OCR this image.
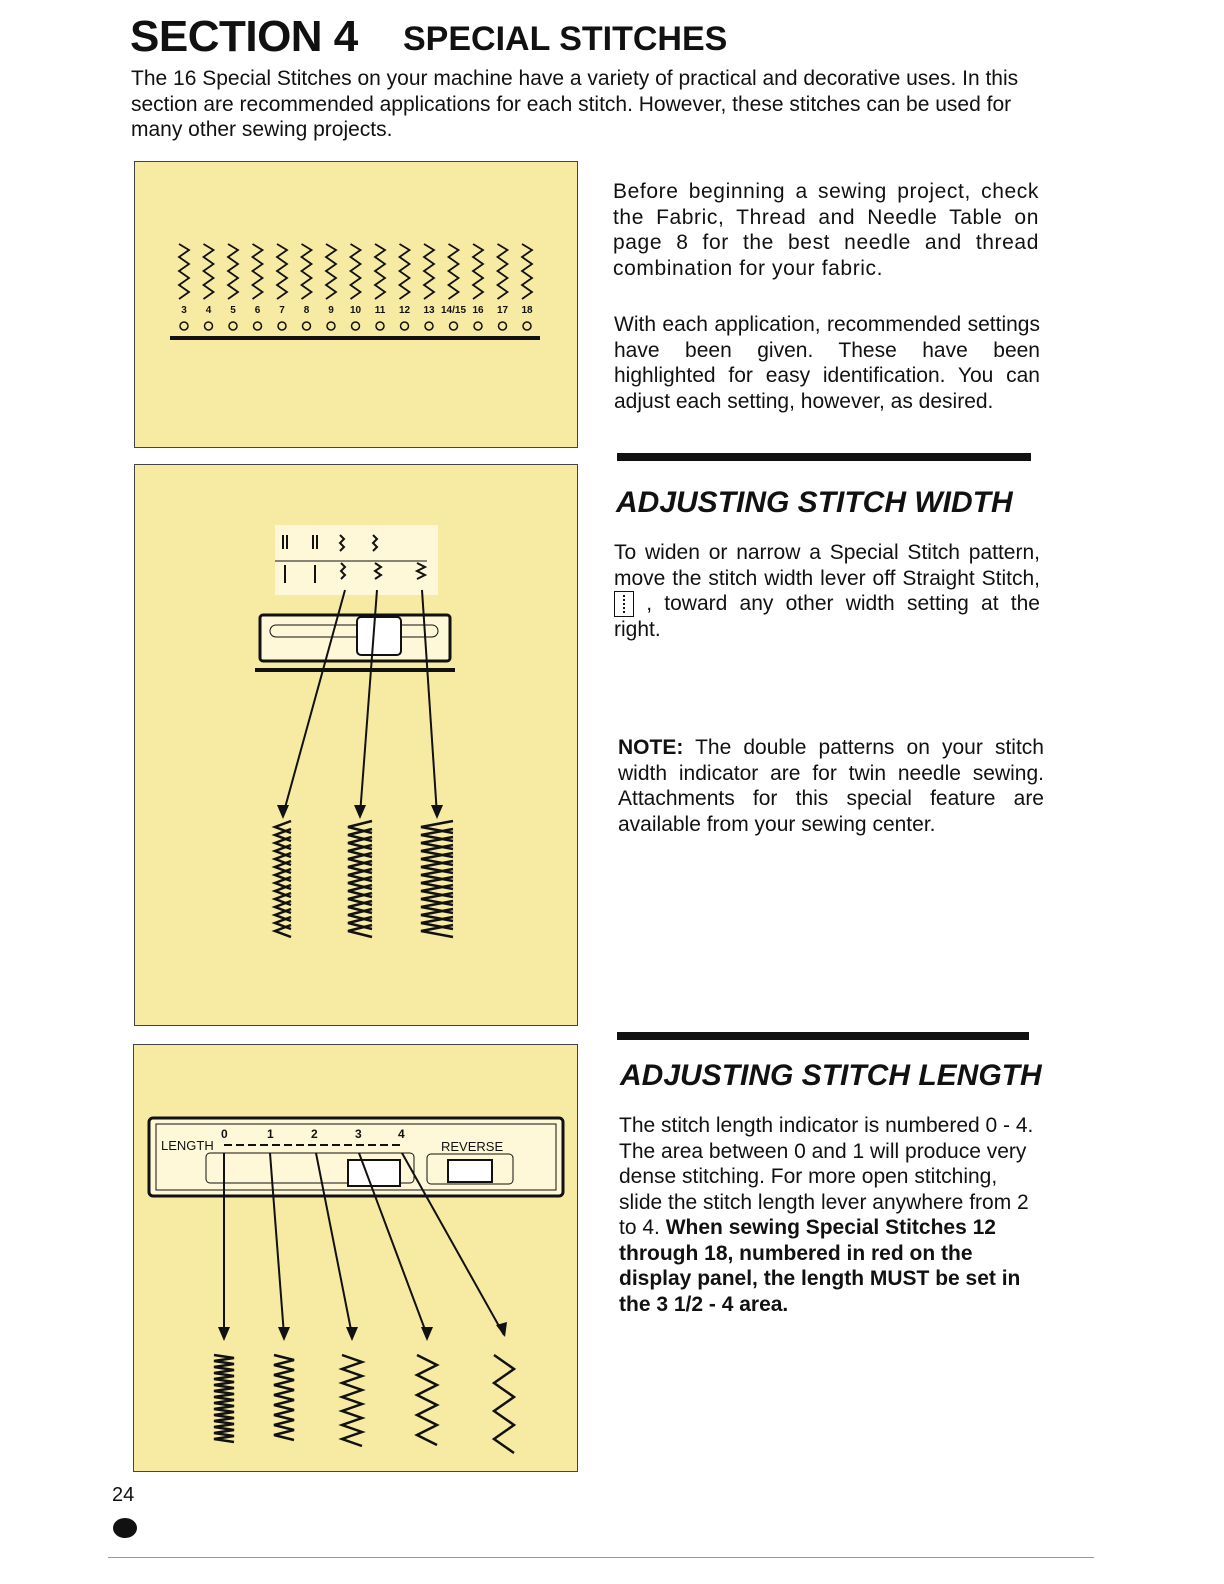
SECTION 4 SPECIAL STITCHES
The 16 Special Stitches on your machine have a variety of practical and decorative uses. In this section are recommended applications for each stitch. However, these stitches can be used for many other sewing projects.
3	4	5	6	7	8	9	10	11	12	13 14/15 16	17	18
LENGTH	REVERSE
0	1	2	3	4
Before beginning a sewing project, check the Fabric, Thread and Needle Table on page 8 for the best needle and thread combination for your fabric.
With each application, recommended settings have been given. These have been highlighted for easy identification. You can adjust each setting, however, as desired.
ADJUSTING STITCH WIDTH
To widen or narrow a Special Stitch pattern, move the stitch width lever off Straight Stitch,
, toward any other width setting at the right.
NOTE: The double patterns on your stitch width indicator are for twin needle sewing. Attachments for this special feature are available from your sewing center.
ADJUSTING STITCH LENGTH
The stitch length indicator is numbered 0 - 4. The area between 0 and 1 will produce very dense stitching. For more open stitching, slide the stitch length lever anywhere from 2 to 4. When sewing Special Stitches 12 through 18, numbered in red on the display panel, the length MUST be set in the 3 1/2 - 4 area.
24
